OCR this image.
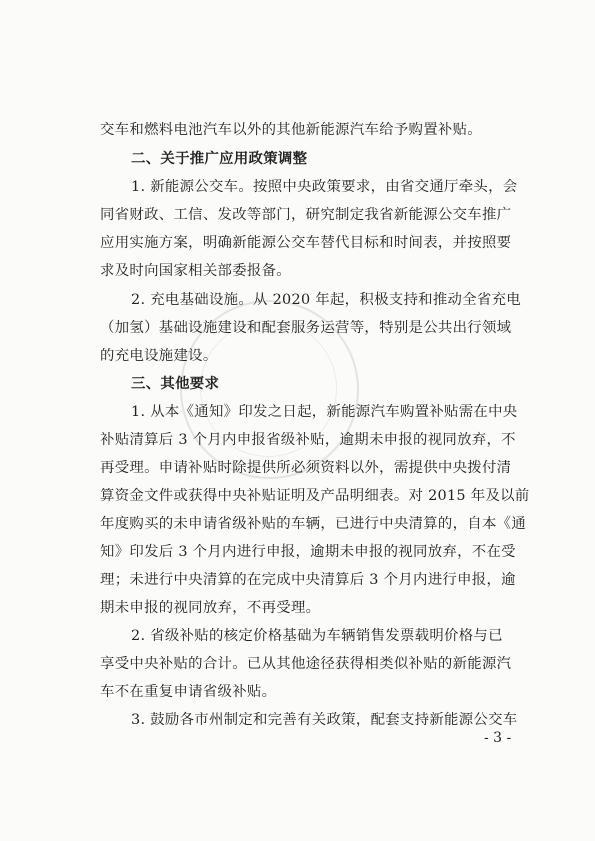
交车和燃料电池汽车以外的其他新能源汽车给予购置补贴。
二、关于推广应用政策调整
1. 新能源公交车。按照中央政策要求，由省交通厅牵头，会
同省财政、工信、发改等部门，研究制定我省新能源公交车推广
应用实施方案，明确新能源公交车替代目标和时间表，并按照要
求及时向国家相关部委报备。
2. 充电基础设施。从 2020 年起，积极支持和推动全省充电
（加氢）基础设施建设和配套服务运营等，特别是公共出行领域
的充电设施建设。
三、其他要求
1. 从本《通知》印发之日起，新能源汽车购置补贴需在中央
补贴清算后 3 个月内申报省级补贴，逾期未申报的视同放弃，不
再受理。申请补贴时除提供所必须资料以外，需提供中央拨付清
算资金文件或获得中央补贴证明及产品明细表。对 2015 年及以前
年度购买的未申请省级补贴的车辆，已进行中央清算的，自本《通
知》印发后 3 个月内进行申报，逾期未申报的视同放弃，不在受
理；未进行中央清算的在完成中央清算后 3 个月内进行申报，逾
期未申报的视同放弃，不再受理。
2. 省级补贴的核定价格基础为车辆销售发票载明价格与已
享受中央补贴的合计。已从其他途径获得相类似补贴的新能源汽
车不在重复申请省级补贴。
3. 鼓励各市州制定和完善有关政策，配套支持新能源公交车
- 3 -
